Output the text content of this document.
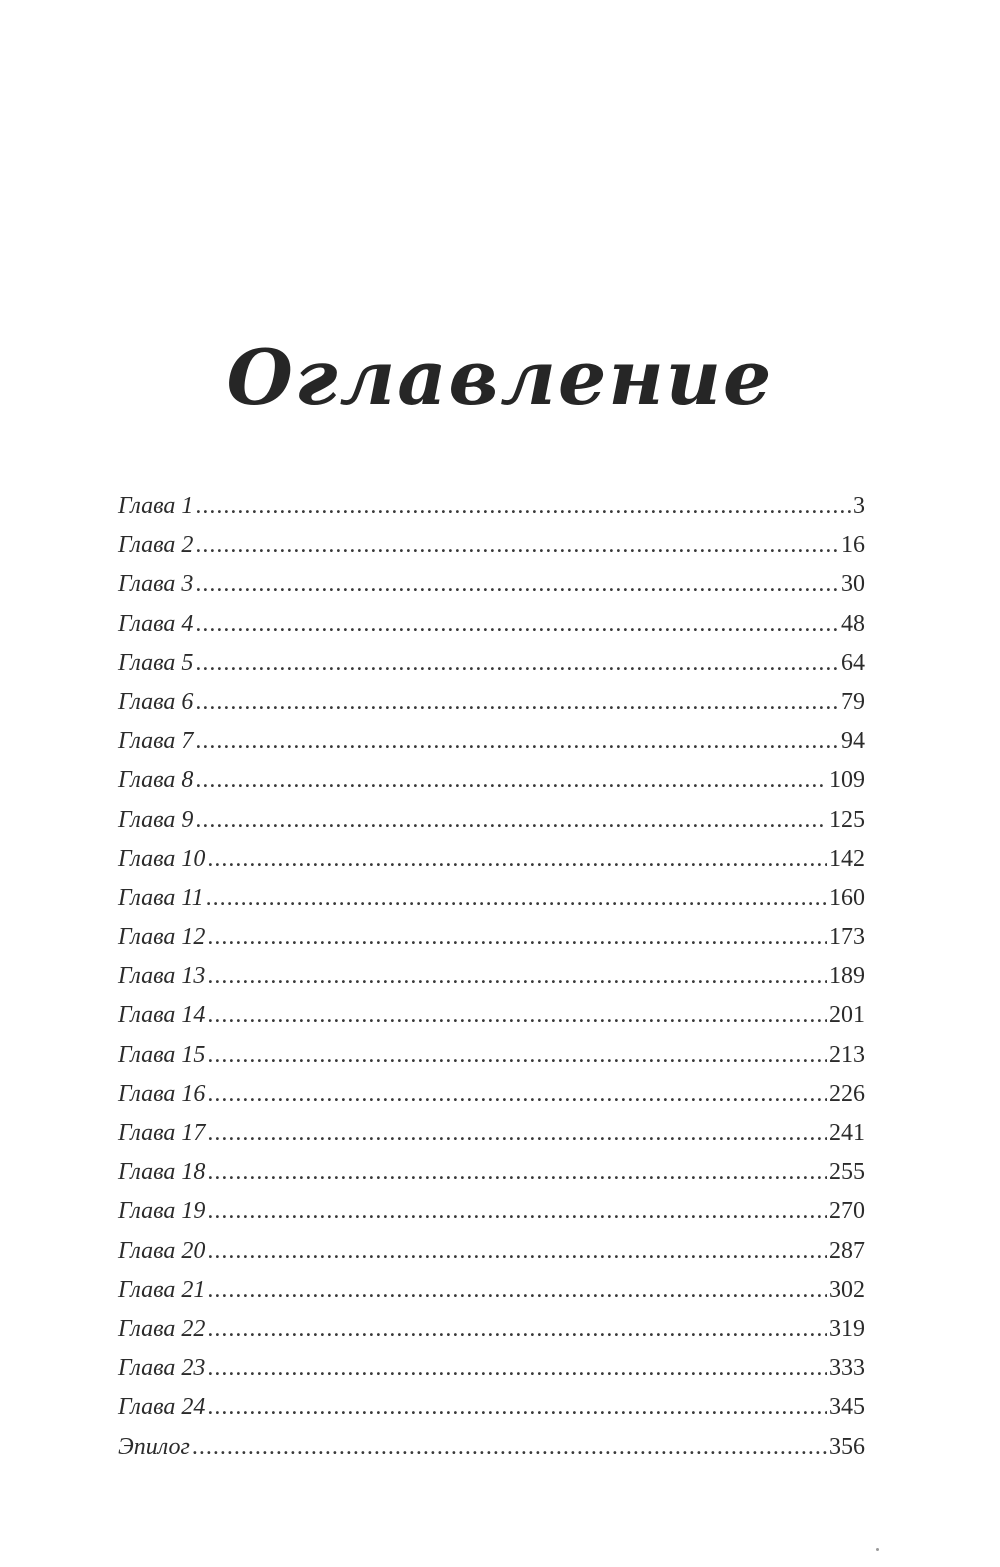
Оглавление
Глава 1 .....	3
Глава 2 .....	16
Глава 3 .....	30
Глава 4 .....	48
Глава 5 .....	64
Глава 6 .....	79
Глава 7 .....	94
Глава 8 .....	109
Глава 9 .....	125
Глава 10 .....	142
Глава 11 .....	160
Глава 12 .....	173
Глава 13 .....	189
Глава 14 .....	201
Глава 15 .....	213
Глава 16 .....	226
Глава 17 .....	241
Глава 18 .....	255
Глава 19 .....	270
Глава 20 .....	287
Глава 21 .....	302
Глава 22 .....	319
Глава 23 .....	333
Глава 24 .....	345
Эпилог .....	356
